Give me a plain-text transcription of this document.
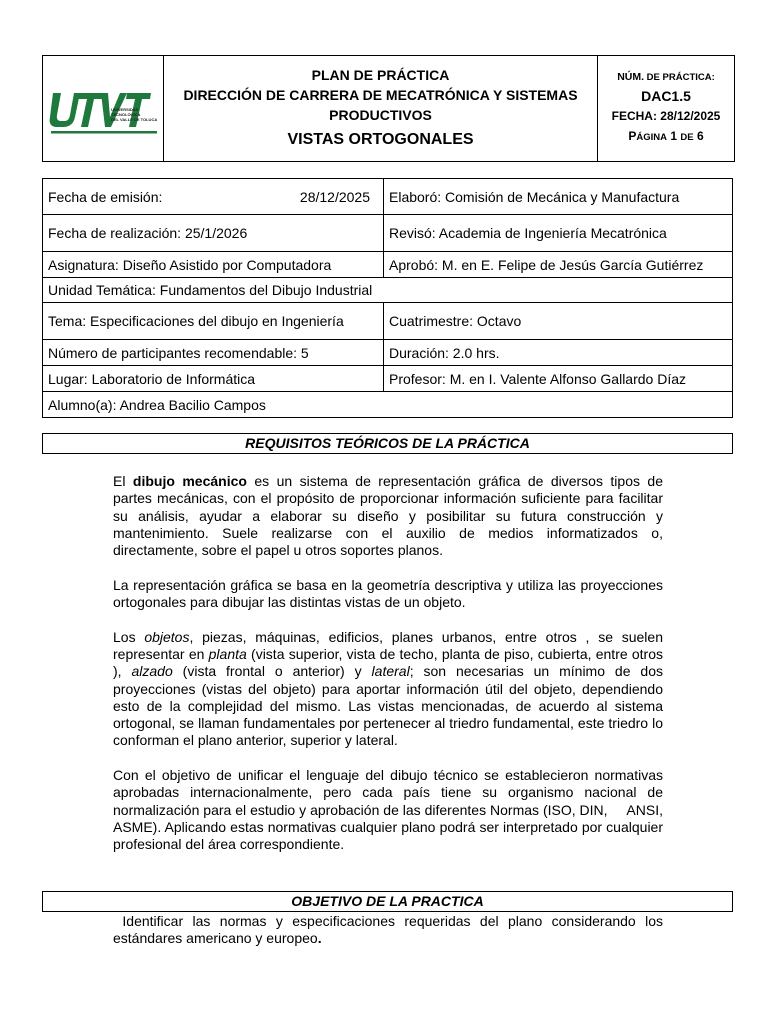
UNIVERSIDAD
TECNOLÓGICA
DEL VALLE DE TOLUCA

PLAN DE PRÁCTICA
DIRECCIÓN DE CARRERA DE MECATRÓNICA Y SISTEMAS
PRODUCTIVOS
VISTAS ORTOGONALES

NÚM. DE PRÁCTICA:
DAC1.5
FECHA: 28/12/2025
PÁGINA 1 DE 6
Fecha de emisión: 28/12/2025	Elaboró: Comisión de Mecánica y Manufactura
Fecha de realización: 25/1/2026	Revisó: Academia de Ingeniería Mecatrónica
Asignatura: Diseño Asistido por Computadora	Aprobó: M. en E. Felipe de Jesús García Gutiérrez
Unidad Temática: Fundamentos del Dibujo Industrial	
Tema: Especificaciones del dibujo en Ingeniería	Cuatrimestre: Octavo
Número de participantes recomendable: 5	Duración: 2.0 hrs.
Lugar: Laboratorio de Informática	Profesor: M. en I. Valente Alfonso Gallardo Díaz
Alumno(a): Andrea Bacilio Campos	
REQUISITOS TEÓRICOS DE LA PRÁCTICA

El dibujo mecánico es un sistema de representación gráfica de diversos tipos de partes mecánicas, con el propósito de proporcionar información suficiente para facilitar su análisis, ayudar a elaborar su diseño y posibilitar su futura construcción y mantenimiento. Suele realizarse con el auxilio de medios informatizados o, directamente, sobre el papel u otros soportes planos.

La representación gráfica se basa en la geometría descriptiva y utiliza las proyecciones ortogonales para dibujar las distintas vistas de un objeto.

Los objetos, piezas, máquinas, edificios, planes urbanos, entre otros , se suelen representar en planta (vista superior, vista de techo, planta de piso, cubierta, entre otros ), alzado (vista frontal o anterior) y lateral; son necesarias un mínimo de dos proyecciones (vistas del objeto) para aportar información útil del objeto, dependiendo esto de la complejidad del mismo. Las vistas mencionadas, de acuerdo al sistema ortogonal, se llaman fundamentales por pertenecer al triedro fundamental, este triedro lo conforman el plano anterior, superior y lateral.

Con el objetivo de unificar el lenguaje del dibujo técnico se establecieron normativas aprobadas internacionalmente, pero cada país tiene su organismo nacional de normalización para el estudio y aprobación de las diferentes Normas (ISO, DIN,     ANSI, ASME). Aplicando estas normativas cualquier plano podrá ser interpretado por cualquier profesional del área correspondiente.

OBJETIVO DE LA PRACTICA

Identificar las normas y especificaciones requeridas del plano considerando los estándares americano y europeo.
